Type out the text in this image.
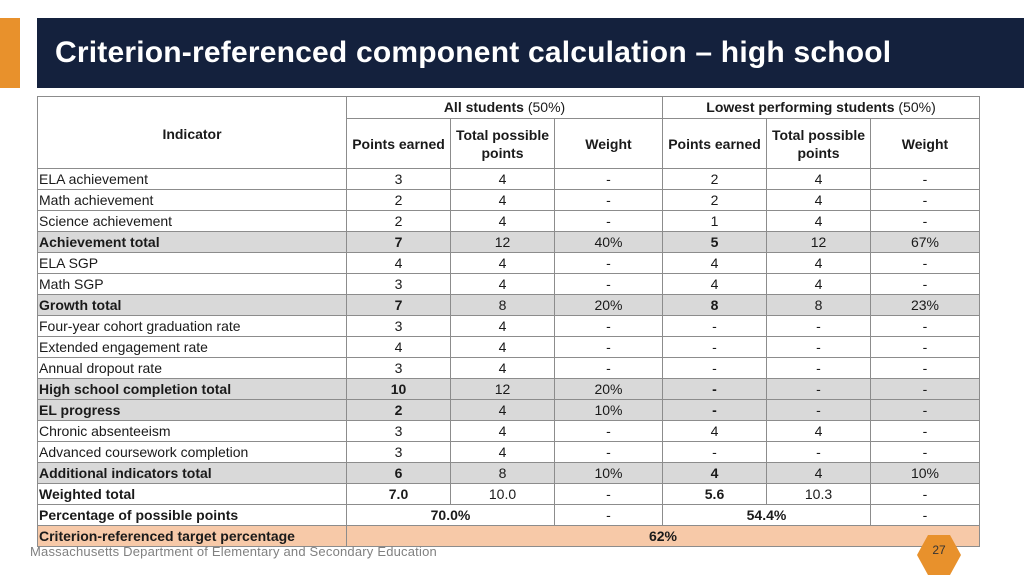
Criterion-referenced component calculation – high school
Indicator	All students (50%)			Lowest performing students (50%)		
	Points earned	Total possible points	Weight	Points earned	Total possible points	Weight
ELA achievement	3	4	-	2	4	-
Math achievement	2	4	-	2	4	-
Science achievement	2	4	-	1	4	-
Achievement total	7	12	40%	5	12	67%
ELA SGP	4	4	-	4	4	-
Math SGP	3	4	-	4	4	-
Growth total	7	8	20%	8	8	23%
Four-year cohort graduation rate	3	4	-	-	-	-
Extended engagement rate	4	4	-	-	-	-
Annual dropout rate	3	4	-	-	-	-
High school completion total	10	12	20%	-	-	-
EL progress	2	4	10%	-	-	-
Chronic absenteeism	3	4	-	4	4	-
Advanced coursework completion	3	4	-	-	-	-
Additional indicators total	6	8	10%	4	4	10%
Weighted total	7.0	10.0	-	5.6	10.3	-
Percentage of possible points	70.0%		-	54.4%		-
Criterion-referenced target percentage	62%					
Massachusetts Department of Elementary and Secondary Education	27
